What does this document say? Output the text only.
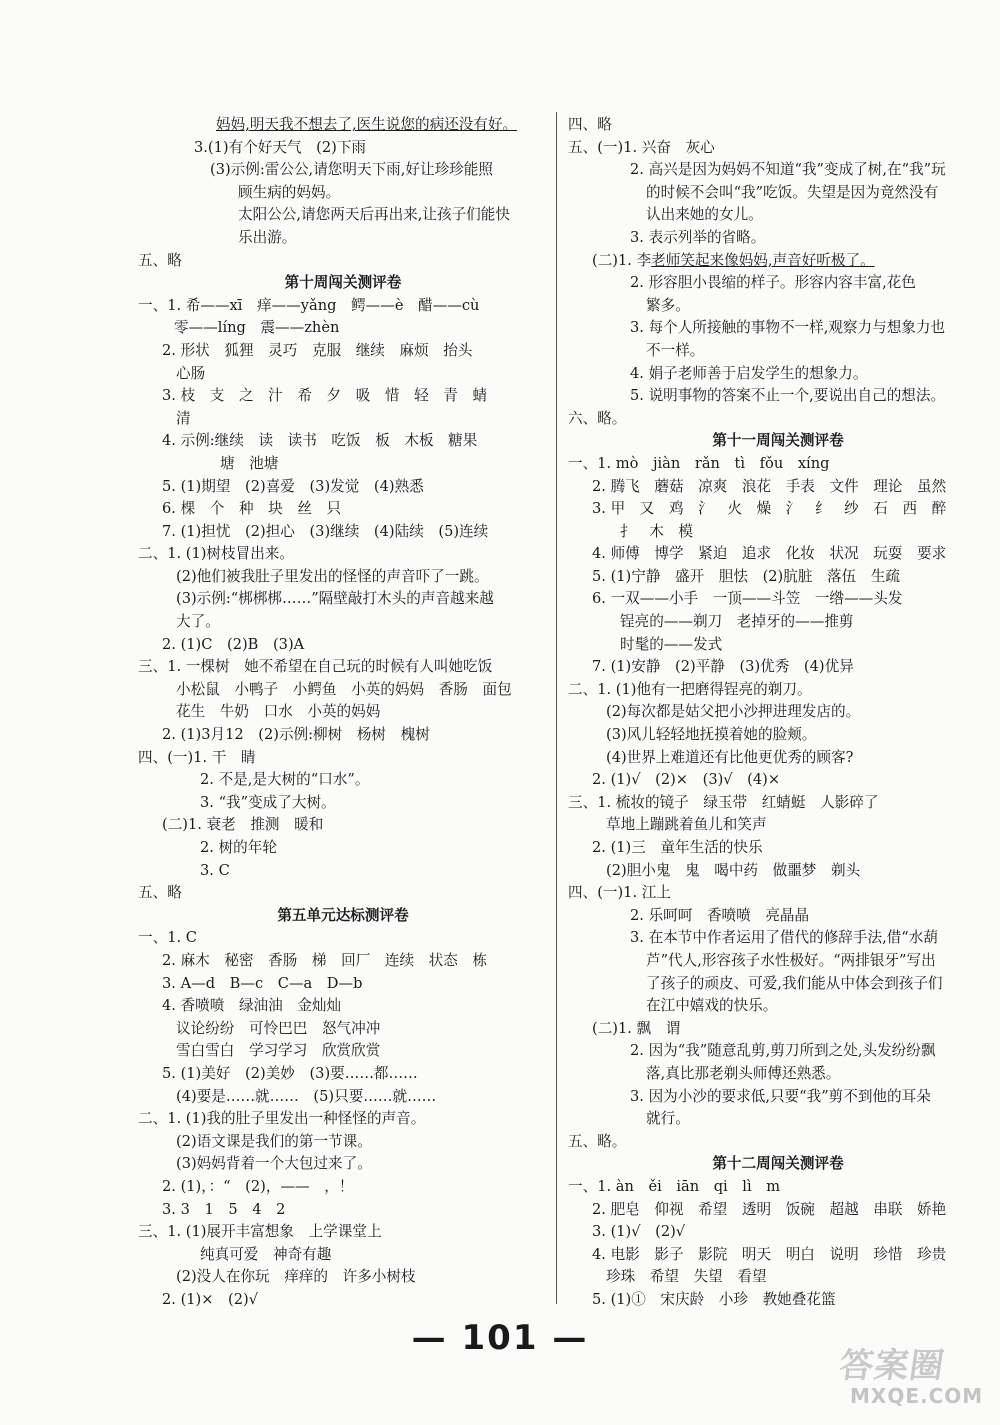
妈妈,明天我不想去了,医生说您的病还没有好。
3.(1)有个好天气　(2)下雨
(3)示例:雷公公,请您明天下雨,好让珍珍能照
顾生病的妈妈。
太阳公公,请您两天后再出来,让孩子们能快
乐出游。
五、略
第十周闯关测评卷
一、1. 希——xī　痒——yǎng　鳄——è　醋——cù
零——líng　震——zhèn
2. 形状　狐狸　灵巧　克服　继续　麻烦　抬头
心肠
3. 枝　支　之　汁　希　夕　吸　惜　轻　青　蜻
清
4. 示例:继续　读　读书　吃饭　板　木板　糖果
塘　池塘
5. (1)期望　(2)喜爱　(3)发觉　(4)熟悉
6. 棵　个　种　块　丝　只
7. (1)担忧　(2)担心　(3)继续　(4)陆续　(5)连续
二、1. (1)树枝冒出来。
(2)他们被我肚子里发出的怪怪的声音吓了一跳。
(3)示例:“梆梆梆……”隔壁敲打木头的声音越来越
大了。
2. (1)C　(2)B　(3)A
三、1. 一棵树　她不希望在自己玩的时候有人叫她吃饭
小松鼠　小鸭子　小鳄鱼　小英的妈妈　香肠　面包
花生　牛奶　口水　小英的妈妈
2. (1)3月12　(2)示例:柳树　杨树　槐树
四、(一)1. 干　睛
2. 不是,是大树的“口水”。
3. “我”变成了大树。
(二)1. 衰老　推测　暖和
2. 树的年轮
3. C
五、略
第五单元达标测评卷
一、1. C
2. 麻木　秘密　香肠　梯　回厂　连续　状态　栋
3. A—d　B—c　C—a　D—b
4. 香喷喷　绿油油　金灿灿
议论纷纷　可怜巴巴　怒气冲冲
雪白雪白　学习学习　欣赏欣赏
5. (1)美好　(2)美妙　(3)要……都……
(4)要是……就……　(5)只要……就……
二、1. (1)我的肚子里发出一种怪怪的声音。
(2)语文课是我们的第一节课。
(3)妈妈背着一个大包过来了。
2. (1)，：“　(2)，——　，！
3. 3　1　5　4　2
三、1. (1)展开丰富想象　上学课堂上
纯真可爱　神奇有趣
(2)没人在你玩　痒痒的　许多小树枝
2. (1)×　(2)√
四、略
五、(一)1. 兴奋　灰心
2. 高兴是因为妈妈不知道“我”变成了树,在“我”玩
的时候不会叫“我”吃饭。失望是因为竟然没有
认出来她的女儿。
3. 表示列举的省略。
(二)1. 李老师笑起来像妈妈,声音好听极了。
2. 形容胆小畏缩的样子。形容内容丰富,花色
繁多。
3. 每个人所接触的事物不一样,观察力与想象力也
不一样。
4. 娟子老师善于启发学生的想象力。
5. 说明事物的答案不止一个,要说出自己的想法。
六、略。
第十一周闯关测评卷
一、1. mò　jiàn　rǎn　tì　fǒu　xíng
2. 腾飞　蘑菇　凉爽　浪花　手表　文件　理论　虽然
3. 甲　又　鸡　氵　火　燥　氵　纟　纱　石　西　醉
扌　木　模
4. 师傅　博学　紧迫　追求　化妆　状况　玩耍　要求
5. (1)宁静　盛开　胆怯　(2)肮脏　落伍　生疏
6. 一双——小手　一顶——斗笠　一绺——头发
锃亮的——剃刀　老掉牙的——推剪
时髦的——发式
7. (1)安静　(2)平静　(3)优秀　(4)优异
二、1. (1)他有一把磨得锃亮的剃刀。
(2)每次都是姑父把小沙押进理发店的。
(3)风儿轻轻地抚摸着她的脸颊。
(4)世界上难道还有比他更优秀的顾客?
2. (1)√　(2)×　(3)√　(4)×
三、1. 梳妆的镜子　绿玉带　红蜻蜓　人影碎了
草地上蹦跳着鱼儿和笑声
2. (1)三　童年生活的快乐
(2)胆小鬼　鬼　喝中药　做噩梦　剃头
四、(一)1. 江上
2. 乐呵呵　香喷喷　亮晶晶
3. 在本节中作者运用了借代的修辞手法,借“水葫
芦”代人,形容孩子水性极好。“两排银牙”写出
了孩子的顽皮、可爱,我们能从中体会到孩子们
在江中嬉戏的快乐。
(二)1. 飘　谓
2. 因为“我”随意乱剪,剪刀所到之处,头发纷纷飘
落,真比那老剃头师傅还熟悉。
3. 因为小沙的要求低,只要“我”剪不到他的耳朵
就行。
五、略。
第十二周闯关测评卷
一、1. àn　ěi　iān　qi　lì　m
2. 肥皂　仰视　希望　透明　饭碗　超越　串联　娇艳
3. (1)√　(2)√
4. 电影　影子　影院　明天　明白　说明　珍惜　珍贵
珍珠　希望　失望　看望
5. (1)①　宋庆龄　小珍　教她叠花篮
— 101 —
答案圈
MXQE.COM
